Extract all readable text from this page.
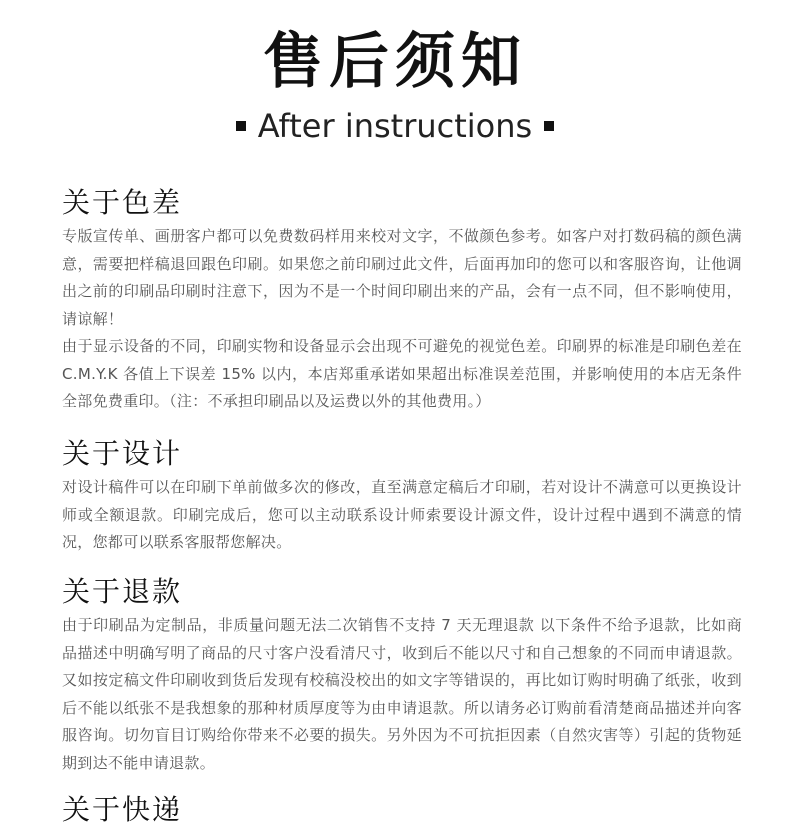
售后须知
After instructions
关于色差

专版宣传单、画册客户都可以免费数码样用来校对文字，不做颜色参考。如客户对打数码稿的颜色满意，需要把样稿退回跟色印刷。如果您之前印刷过此文件，后面再加印的您可以和客服咨询，让他调出之前的印刷品印刷时注意下，因为不是一个时间印刷出来的产品，会有一点不同，但不影响使用，请谅解！

由于显示设备的不同，印刷实物和设备显示会出现不可避免的视觉色差。印刷界的标准是印刷色差在 C.M.Y.K 各值上下误差 15% 以内，本店郑重承诺如果超出标准误差范围，并影响使用的本店无条件全部免费重印。（注：不承担印刷品以及运费以外的其他费用。）

关于设计

对设计稿件可以在印刷下单前做多次的修改，直至满意定稿后才印刷，若对设计不满意可以更换设计师或全额退款。印刷完成后，您可以主动联系设计师索要设计源文件，设计过程中遇到不满意的情况，您都可以联系客服帮您解决。

关于退款

由于印刷品为定制品，非质量问题无法二次销售不支持 7 天无理退款 以下条件不给予退款，比如商品描述中明确写明了商品的尺寸客户没看清尺寸，收到后不能以尺寸和自己想象的不同而申请退款。又如按定稿文件印刷收到货后发现有校稿没校出的如文字等错误的，再比如订购时明确了纸张，收到后不能以纸张不是我想象的那种材质厚度等为由申请退款。所以请务必订购前看清楚商品描述并向客服咨询。切勿盲目订购给你带来不必要的损失。另外因为不可抗拒因素（自然灾害等）引起的货物延期到达不能申请退款。

关于快递
